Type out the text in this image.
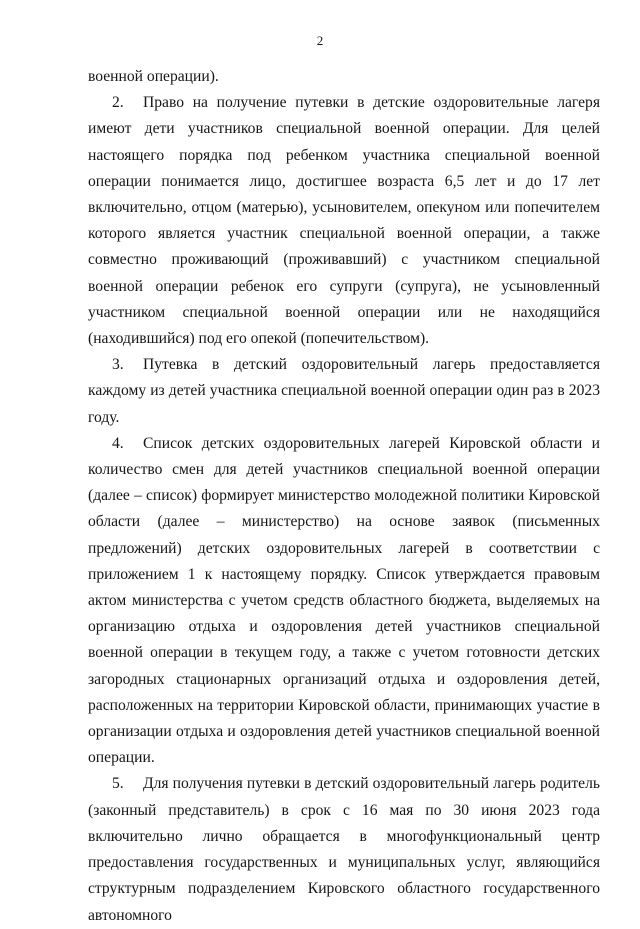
2

военной операции).

2. Право на получение путевки в детские оздоровительные лагеря имеют дети участников специальной военной операции. Для целей настоящего порядка под ребенком участника специальной военной операции понимается лицо, достигшее возраста 6,5 лет и до 17 лет включительно, отцом (матерью), усыновителем, опекуном или попечителем которого является участник специальной военной операции, а также совместно проживающий (проживавший) с участником специальной военной операции ребенок его супруги (супруга), не усыновленный участником специальной военной операции или не находящийся (находившийся) под его опекой (попечительством).

3. Путевка в детский оздоровительный лагерь предоставляется каждому из детей участника специальной военной операции один раз в 2023 году.

4. Список детских оздоровительных лагерей Кировской области и количество смен для детей участников специальной военной операции (далее – список) формирует министерство молодежной политики Кировской области (далее – министерство) на основе заявок (письменных предложений) детских оздоровительных лагерей в соответствии с приложением 1 к настоящему порядку. Список утверждается правовым актом министерства с учетом средств областного бюджета, выделяемых на организацию отдыха и оздоровления детей участников специальной военной операции в текущем году, а также с учетом готовности детских загородных стационарных организаций отдыха и оздоровления детей, расположенных на территории Кировской области, принимающих участие в организации отдыха и оздоровления детей участников специальной военной операции.

5. Для получения путевки в детский оздоровительный лагерь родитель (законный представитель) в срок с 16 мая по 30 июня 2023 года включительно лично обращается в многофункциональный центр предоставления государственных и муниципальных услуг, являющийся структурным подразделением Кировского областного государственного автономного
